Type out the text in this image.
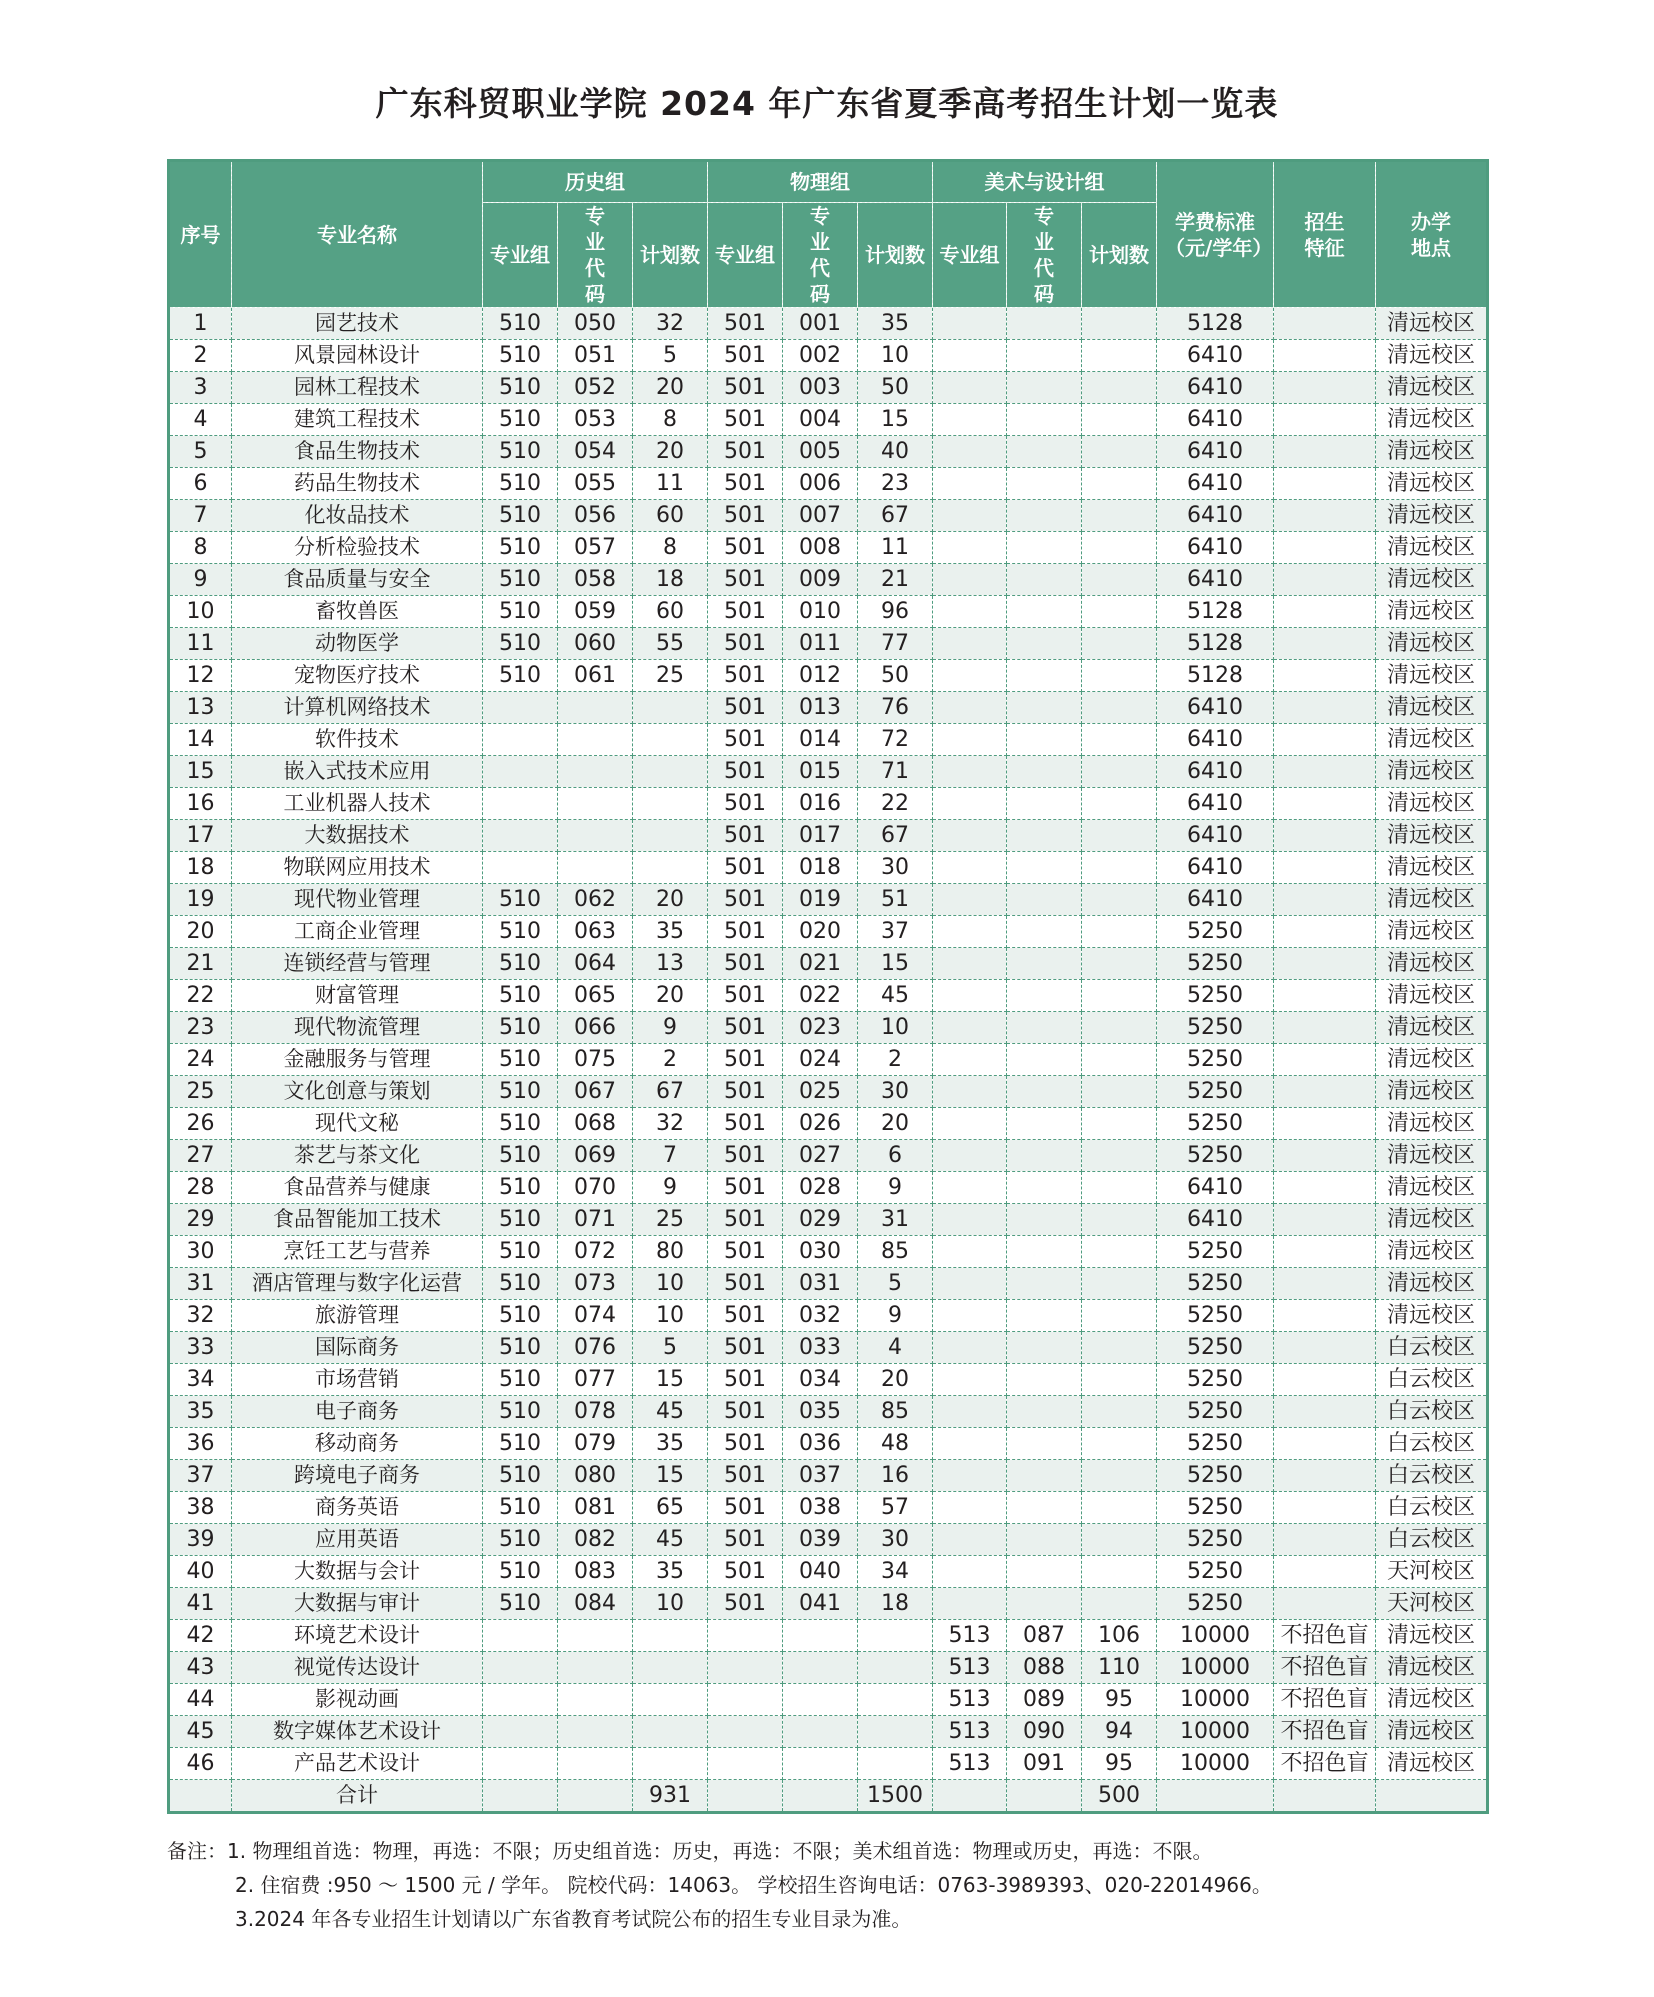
广东科贸职业学院 2024 年广东省夏季高考招生计划一览表
序号	专业名称	历史组			物理组			美术与设计组			学费标准（元/学年）	招生特征	办学地点
		专业组	专业代码	计划数	专业组	专业代码	计划数	专业组	专业代码	计划数			
1	园艺技术	510	050	32	501	001	35				5128		清远校区
2	风景园林设计	510	051	5	501	002	10				6410		清远校区
3	园林工程技术	510	052	20	501	003	50				6410		清远校区
4	建筑工程技术	510	053	8	501	004	15				6410		清远校区
5	食品生物技术	510	054	20	501	005	40				6410		清远校区
6	药品生物技术	510	055	11	501	006	23				6410		清远校区
7	化妆品技术	510	056	60	501	007	67				6410		清远校区
8	分析检验技术	510	057	8	501	008	11				6410		清远校区
9	食品质量与安全	510	058	18	501	009	21				6410		清远校区
10	畜牧兽医	510	059	60	501	010	96				5128		清远校区
11	动物医学	510	060	55	501	011	77				5128		清远校区
12	宠物医疗技术	510	061	25	501	012	50				5128		清远校区
13	计算机网络技术				501	013	76				6410		清远校区
14	软件技术				501	014	72				6410		清远校区
15	嵌入式技术应用				501	015	71				6410		清远校区
16	工业机器人技术				501	016	22				6410		清远校区
17	大数据技术				501	017	67				6410		清远校区
18	物联网应用技术				501	018	30				6410		清远校区
19	现代物业管理	510	062	20	501	019	51				6410		清远校区
20	工商企业管理	510	063	35	501	020	37				5250		清远校区
21	连锁经营与管理	510	064	13	501	021	15				5250		清远校区
22	财富管理	510	065	20	501	022	45				5250		清远校区
23	现代物流管理	510	066	9	501	023	10				5250		清远校区
24	金融服务与管理	510	075	2	501	024	2				5250		清远校区
25	文化创意与策划	510	067	67	501	025	30				5250		清远校区
26	现代文秘	510	068	32	501	026	20				5250		清远校区
27	茶艺与茶文化	510	069	7	501	027	6				5250		清远校区
28	食品营养与健康	510	070	9	501	028	9				6410		清远校区
29	食品智能加工技术	510	071	25	501	029	31				6410		清远校区
30	烹饪工艺与营养	510	072	80	501	030	85				5250		清远校区
31	酒店管理与数字化运营	510	073	10	501	031	5				5250		清远校区
32	旅游管理	510	074	10	501	032	9				5250		清远校区
33	国际商务	510	076	5	501	033	4				5250		白云校区
34	市场营销	510	077	15	501	034	20				5250		白云校区
35	电子商务	510	078	45	501	035	85				5250		白云校区
36	移动商务	510	079	35	501	036	48				5250		白云校区
37	跨境电子商务	510	080	15	501	037	16				5250		白云校区
38	商务英语	510	081	65	501	038	57				5250		白云校区
39	应用英语	510	082	45	501	039	30				5250		白云校区
40	大数据与会计	510	083	35	501	040	34				5250		天河校区
41	大数据与审计	510	084	10	501	041	18				5250		天河校区
42	环境艺术设计							513	087	106	10000	不招色盲	清远校区
43	视觉传达设计							513	088	110	10000	不招色盲	清远校区
44	影视动画							513	089	95	10000	不招色盲	清远校区
45	数字媒体艺术设计							513	090	94	10000	不招色盲	清远校区
46	产品艺术设计							513	091	95	10000	不招色盲	清远校区
	合计			931			1500			500			
备注：1. 物理组首选：物理，再选：不限；历史组首选：历史，再选：不限；美术组首选：物理或历史，再选：不限。
2. 住宿费 :950 ～ 1500 元 / 学年。 院校代码：14063。 学校招生咨询电话：0763-3989393、020-22014966。
3.2024 年各专业招生计划请以广东省教育考试院公布的招生专业目录为准。
